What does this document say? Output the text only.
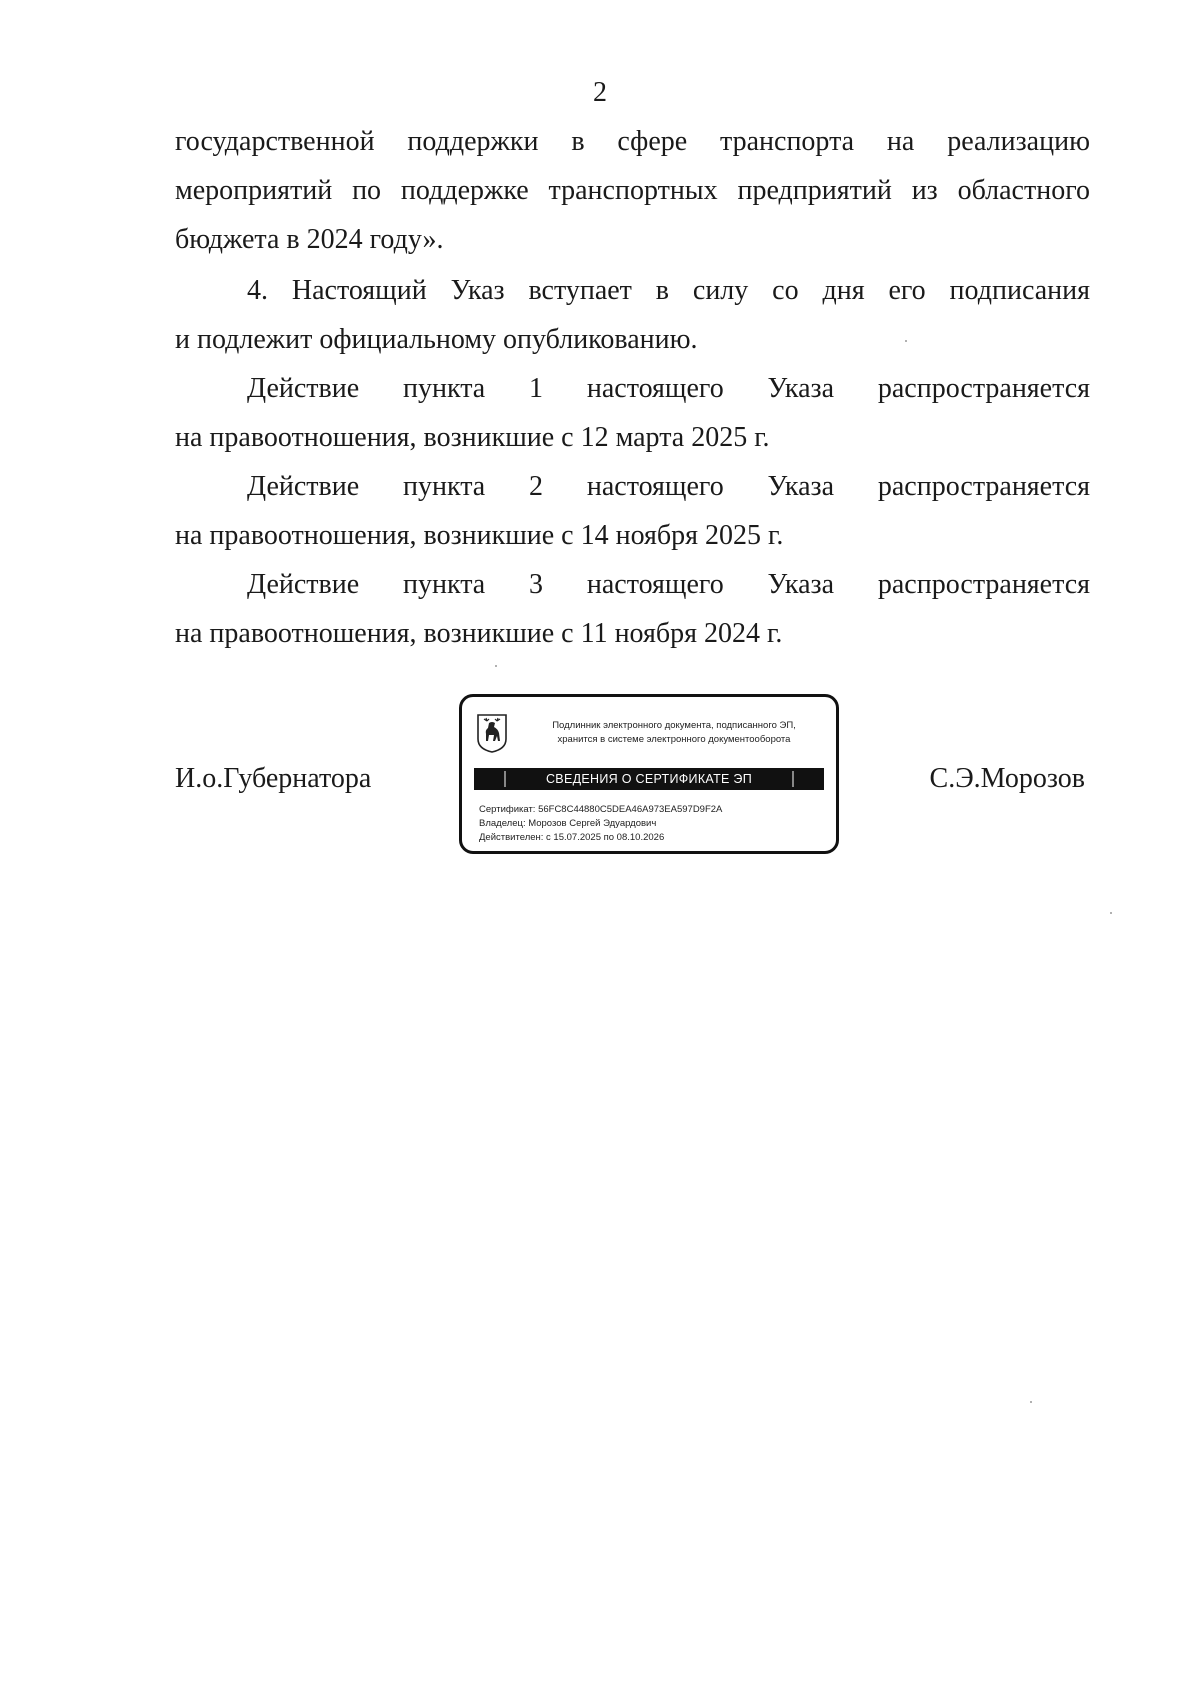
2
государственной поддержки в сфере транспорта на реализацию
мероприятий по поддержке транспортных предприятий из областного
бюджета в 2024 году».
4. Настоящий Указ вступает в силу со дня его подписания
и подлежит официальному опубликованию.
Действие пункта 1 настоящего Указа распространяется
на правоотношения, возникшие с 12 марта 2025 г.
Действие пункта 2 настоящего Указа распространяется
на правоотношения, возникшие с 14 ноября 2025 г.
Действие пункта 3 настоящего Указа распространяется
на правоотношения, возникшие с 11 ноября 2024 г.
И.о.Губернатора	С.Э.Морозов
Подлинник электронного документа, подписанного ЭП,
хранится в системе электронного документооборота
СВЕДЕНИЯ О СЕРТИФИКАТЕ ЭП
Сертификат: 56FC8C44880C5DEA46A973EA597D9F2A
Владелец: Морозов Сергей Эдуардович
Действителен: с 15.07.2025 по 08.10.2026
